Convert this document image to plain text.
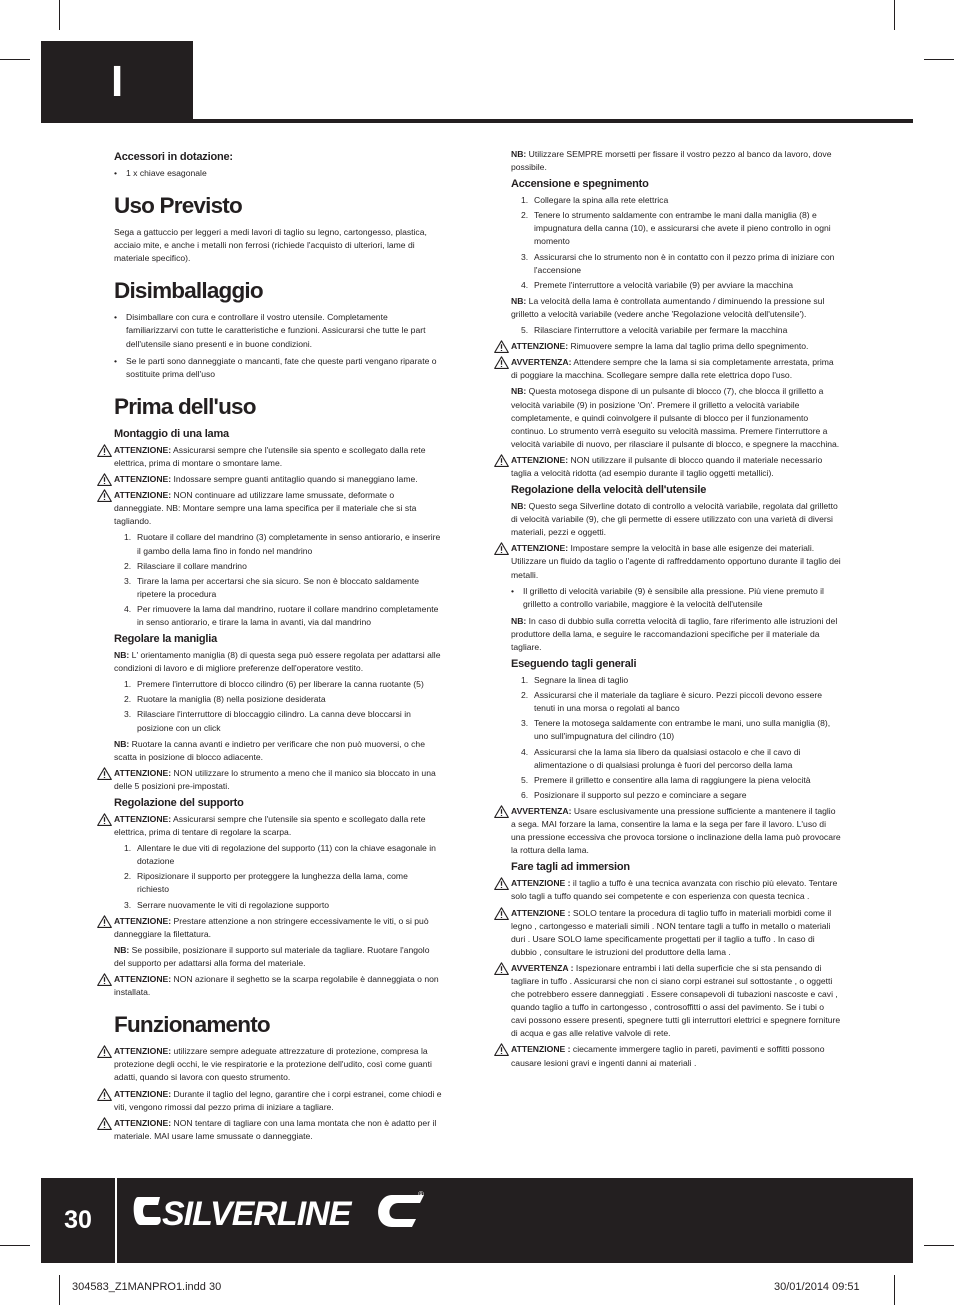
I
Accessori in dotazione:
• 1 x chiave esagonale
Uso Previsto

Sega a gattuccio per leggeri a medi lavori di taglio su legno, cartongesso, plastica, acciaio mite, e anche i metalli non ferrosi (richiede l'acquisto di ulteriori, lame di materiale specifico).

Disimballaggio
• Disimballare con cura e controllare il vostro utensile. Completamente familiarizzarvi con tutte le caratteristiche e funzioni. Assicurarsi che tutte le part dell'utensile siano presenti e in buone condizioni.
• Se le parti sono danneggiate o mancanti, fate che queste parti vengano riparate o sostituite prima dell'uso
Prima dell'uso
Montaggio di una lama
ATTENZIONE: Assicurarsi sempre che l'utensile sia spento e scollegato dalla rete elettrica, prima di montare o smontare lame.
ATTENZIONE: Indossare sempre guanti antitaglio quando si maneggiano lame.
ATTENZIONE: NON continuare ad utilizzare lame smussate, deformate o danneggiate. NB: Montare sempre una lama specifica per il materiale che si sta tagliando.
1. Ruotare il collare del mandrino (3) completamente in senso antiorario, e inserire il gambo della lama fino in fondo nel mandrino
2. Rilasciare il collare mandrino
3. Tirare la lama per accertarsi che sia sicuro. Se non è bloccato saldamente ripetere la procedura
4. Per rimuovere la lama dal mandrino, ruotare il collare mandrino completamente in senso antiorario, e tirare la lama in avanti, via dal mandrino
Regolare la maniglia

NB: L' orientamento maniglia (8) di questa sega può essere regolata per adattarsi alle condizioni di lavoro e di migliore preferenze dell'operatore vestito.

1. Premere l'interruttore di blocco cilindro (6) per liberare la canna ruotante (5)
2. Ruotare la maniglia (8) nella posizione desiderata
3. Rilasciare l'interruttore di bloccaggio cilindro. La canna deve bloccarsi in posizione con un click

NB: Ruotare la canna avanti e indietro per verificare che non può muoversi, o che scatta in posizione di blocco adiacente.

ATTENZIONE: NON utilizzare lo strumento a meno che il manico sia bloccato in una delle 5 posizioni pre-impostati.
Regolazione del supporto
ATTENZIONE: Assicurarsi sempre che l'utensile sia spento e scollegato dalla rete elettrica, prima di tentare di regolare la scarpa.
1. Allentare le due viti di regolazione del supporto (11) con la chiave esagonale in dotazione
2. Riposizionare il supporto per proteggere la lunghezza della lama, come richiesto
3. Serrare nuovamente le viti di regolazione supporto
ATTENZIONE: Prestare attenzione a non stringere eccessivamente le viti, o si può danneggiare la filettatura.

NB: Se possibile, posizionare il supporto sul materiale da tagliare. Ruotare l'angolo del supporto per adattarsi alla forma del materiale.

ATTENZIONE: NON azionare il seghetto se la scarpa regolabile è danneggiata o non installata.
Funzionamento
ATTENZIONE: utilizzare sempre adeguate attrezzature di protezione, compresa la protezione degli occhi, le vie respiratorie e la protezione dell'udito, così come guanti adatti, quando si lavora con questo strumento.
ATTENZIONE: Durante il taglio del legno, garantire che i corpi estranei, come chiodi e viti, vengono rimossi dal pezzo prima di iniziare a tagliare.
ATTENZIONE: NON tentare di tagliare con una lama montata che non è adatto per il materiale. MAI usare lame smussate o danneggiate.

NB: Utilizzare SEMPRE morsetti per fissare il vostro pezzo al banco da lavoro, dove possibile.

Accensione e spegnimento
1. Collegare la spina alla rete elettrica
2. Tenere lo strumento saldamente con entrambe le mani dalla maniglia (8) e impugnatura della canna (10), e assicurarsi che avete il pieno controllo in ogni momento
3. Assicurarsi che lo strumento non è in contatto con il pezzo prima di iniziare con l'accensione
4. Premete l'interruttore a velocità variabile (9) per avviare la macchina

NB: La velocità della lama è controllata aumentando / diminuendo la pressione sul grilletto a velocità variabile (vedere anche 'Regolazione velocità dell'utensile').

5. Rilasciare l'interruttore a velocità variabile per fermare la macchina
ATTENZIONE: Rimuovere sempre la lama dal taglio prima dello spegnimento.
AVVERTENZA: Attendere sempre che la lama si sia completamente arrestata, prima di poggiare la macchina. Scollegare sempre dalla rete elettrica dopo l'uso.

NB: Questa motosega dispone di un pulsante di blocco (7), che blocca il grilletto a velocità variabile (9) in posizione 'On'. Premere il grilletto a velocità variabile completamente, e quindi coinvolgere il pulsante di blocco per il funzionamento continuo. Lo strumento verrà eseguito su velocità massima. Premere l'interruttore a velocità variabile di nuovo, per rilasciare il pulsante di blocco, e spegnere la macchina.

ATTENZIONE: NON utilizzare il pulsante di blocco quando il materiale necessario taglia a velocità ridotta (ad esempio durante il taglio oggetti metallici).
Regolazione della velocità dell'utensile

NB: Questo sega Silverline dotato di controllo a velocità variabile, regolata dal grilletto di velocità variabile (9), che gli permette di essere utilizzato con una varietà di diversi materiali, pezzi e oggetti.

ATTENZIONE: Impostare sempre la velocità in base alle esigenze dei materiali. Utilizzare un fluido da taglio o l'agente di raffreddamento opportuno durante il taglio dei metalli.
• Il grilletto di velocità variabile (9) è sensibile alla pressione. Più viene premuto il grilletto a controllo variabile, maggiore è la velocità dell'utensile

NB: In caso di dubbio sulla corretta velocità di taglio, fare riferimento alle istruzioni del produttore della lama, e seguire le raccomandazioni specifiche per il materiale da tagliare.

Eseguendo tagli generali
1. Segnare la linea di taglio
2. Assicurarsi che il materiale da tagliare è sicuro. Pezzi piccoli devono essere tenuti in una morsa o regolati al banco
3. Tenere la motosega saldamente con entrambe le mani, uno sulla maniglia (8), uno sull'impugnatura del cilindro (10)
4. Assicurarsi che la lama sia libero da qualsiasi ostacolo e che il cavo di alimentazione o di qualsiasi prolunga è fuori del percorso della lama
5. Premere il grilletto e consentire alla lama di raggiungere la piena velocità
6. Posizionare il supporto sul pezzo e cominciare a segare
AVVERTENZA: Usare esclusivamente una pressione sufficiente a mantenere il taglio a sega. MAI forzare la lama, consentire la lama e la sega per fare il lavoro. L'uso di una pressione eccessiva che provoca torsione o inclinazione della lama può provocare la rottura della lama.
Fare tagli ad immersion
ATTENZIONE : il taglio a tuffo è una tecnica avanzata con rischio più elevato. Tentare solo tagli a tuffo quando sei competente e con esperienza con questa tecnica .
ATTENZIONE : SOLO tentare la procedura di taglio tuffo in materiali morbidi come il legno , cartongesso e materiali simili . NON tentare tagli a tuffo in metallo o materiali duri . Usare SOLO lame specificamente progettati per il taglio a tuffo . In caso di dubbio , consultare le istruzioni del produttore della lama .
AVVERTENZA : Ispezionare entrambi i lati della superficie che si sta pensando di tagliare in tuffo . Assicurarsi che non ci siano corpi estranei sul sottostante , o oggetti che potrebbero essere danneggiati . Essere consapevoli di tubazioni nascoste e cavi , quando taglio a tuffo in cartongesso , controsoffitti o assi del pavimento. Se i tubi o cavi possono essere presenti, spegnere tutti gli interruttori elettrici e spegnere forniture di acqua e gas alle relative valvole di rete.
ATTENZIONE : ciecamente immergere taglio in pareti, pavimenti e soffitti possono causare lesioni gravi e ingenti danni ai materiali .
30	SILVERLINE
®
304583_Z1MANPRO1.indd 30	30/01/2014 09:51
